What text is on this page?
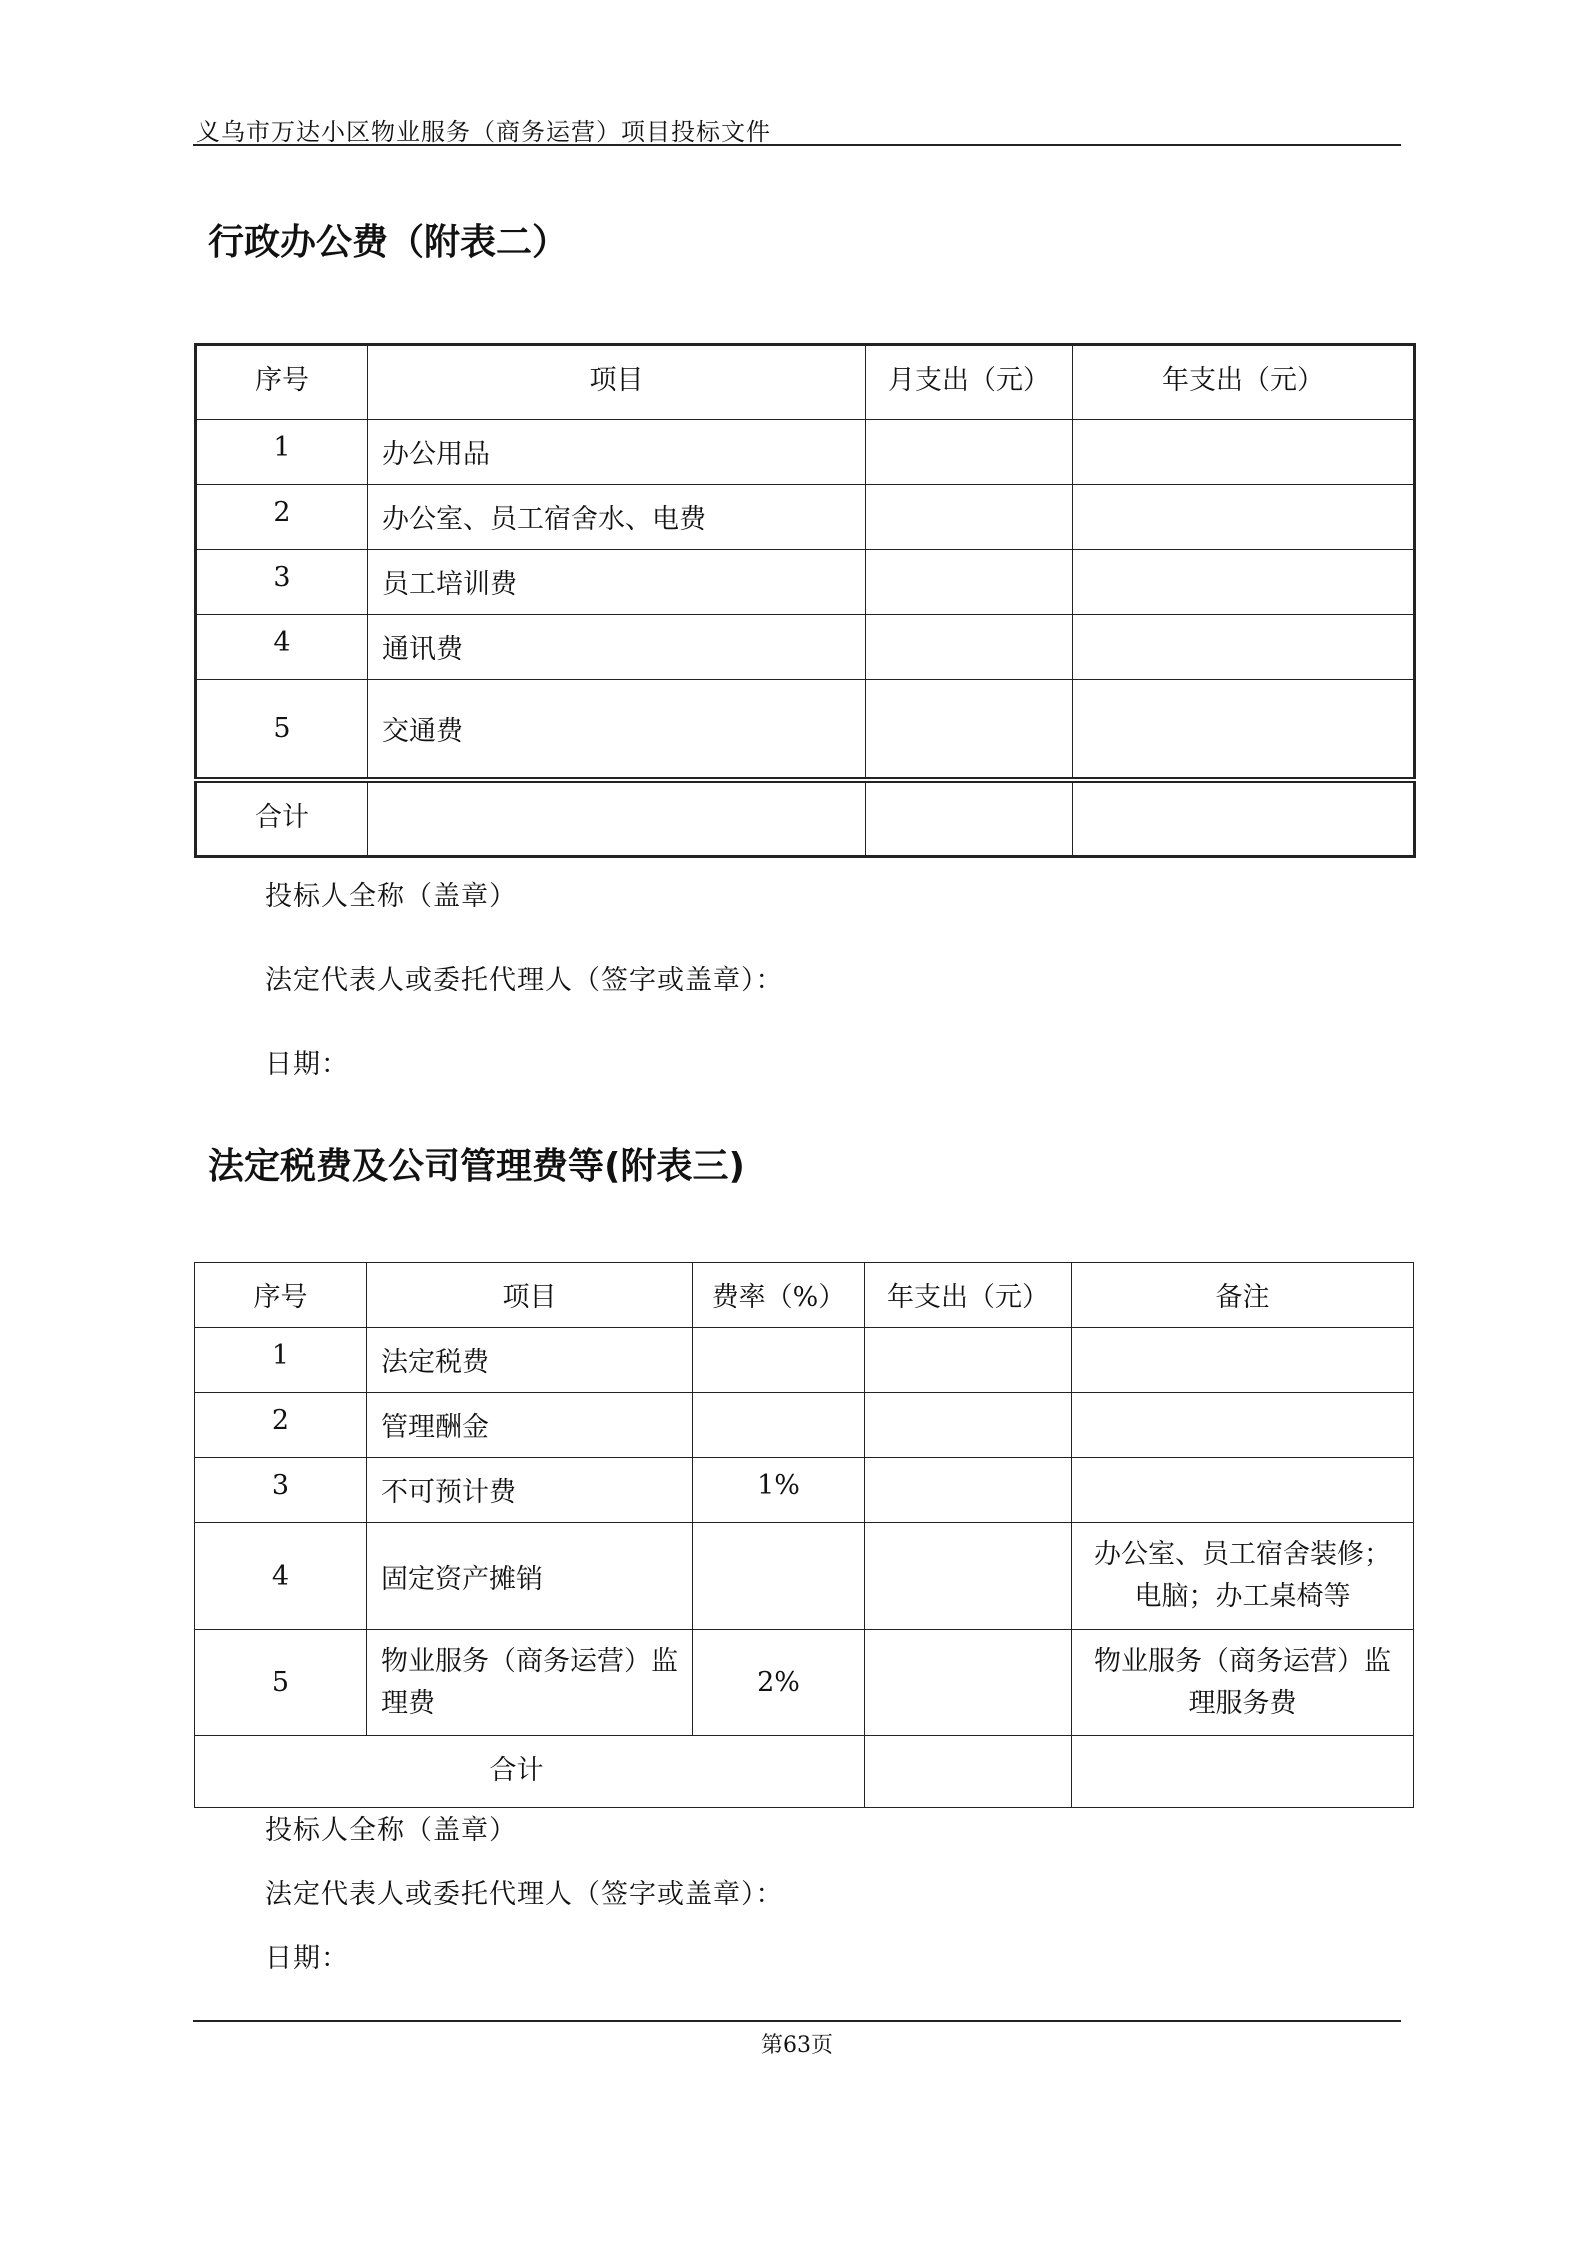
义乌市万达小区物业服务（商务运营）项目投标文件
行政办公费（附表二）
序号	项目	月支出（元）	年支出（元）
1	办公用品		
2	办公室、员工宿舍水、电费		
3	员工培训费		
4	通讯费		
5	交通费		
合计			
投标人全称（盖章）
法定代表人或委托代理人（签字或盖章）：
日期：
法定税费及公司管理费等(附表三)
序号	项目	费率（%）	年支出（元）	备注
1	法定税费			
2	管理酬金			
3	不可预计费	1%		
4	固定资产摊销			办公室、员工宿舍装修；电脑；办工桌椅等
5	物业服务（商务运营）监理费	2%		物业服务（商务运营）监理服务费
合计				
投标人全称（盖章）
法定代表人或委托代理人（签字或盖章）：
日期：
第63页
